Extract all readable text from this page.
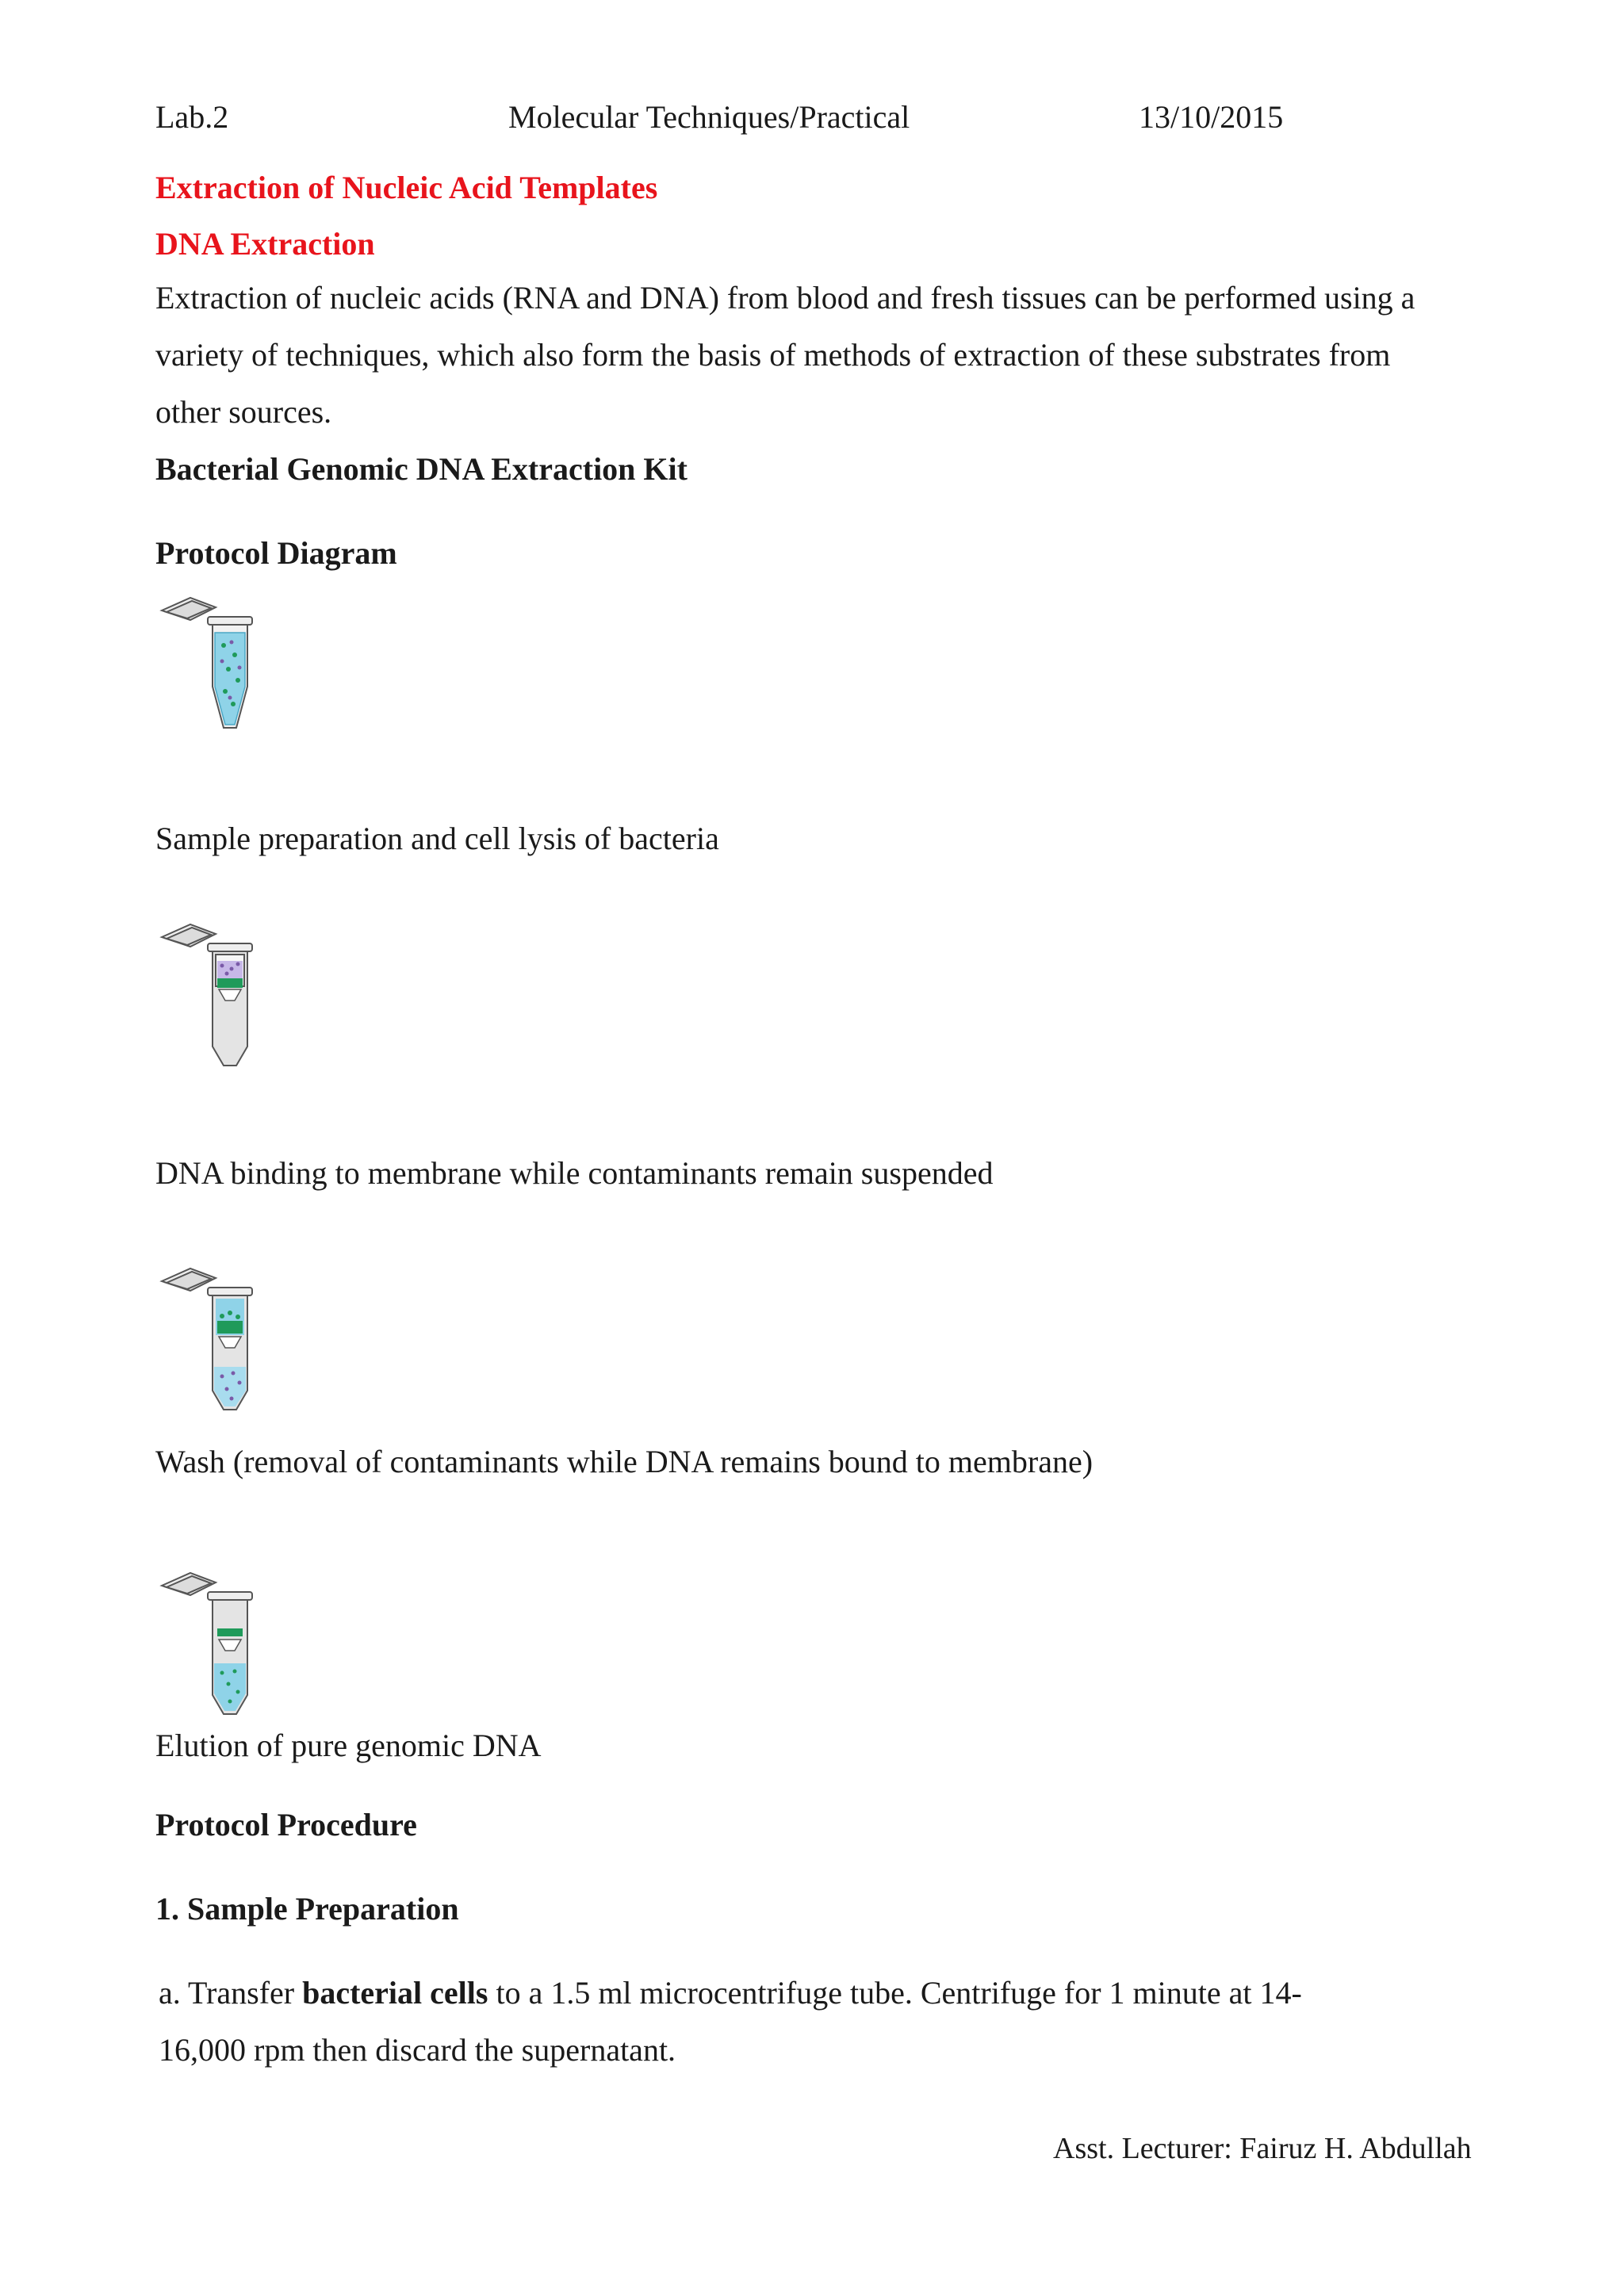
Lab.2	Molecular Techniques/Practical	13/10/2015
Extraction of Nucleic Acid Templates
DNA Extraction
Extraction of nucleic acids (RNA and DNA) from blood and fresh tissues can be performed using a
variety of techniques, which also form the basis of methods of extraction of these substrates from
other sources.
Bacterial Genomic DNA Extraction Kit
Protocol Diagram
Sample preparation and cell lysis of bacteria
DNA binding to membrane while contaminants remain suspended
Wash (removal of contaminants while DNA remains bound to membrane)
Elution of pure genomic DNA
Protocol Procedure
1. Sample Preparation
a. Transfer bacterial cells to a 1.5 ml microcentrifuge tube. Centrifuge for 1 minute at 14-
16,000 rpm then discard the supernatant.
Asst. Lecturer: Fairuz H. Abdullah
